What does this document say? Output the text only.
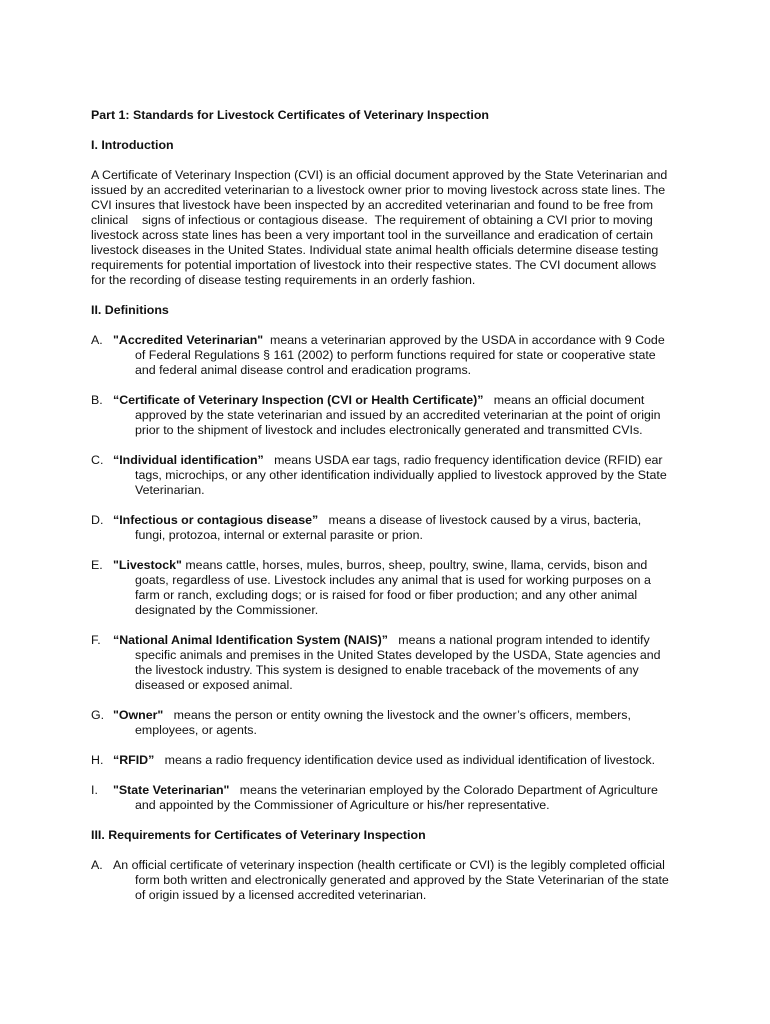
Part 1: Standards for Livestock Certificates of Veterinary Inspection
I. Introduction

A Certificate of Veterinary Inspection (CVI) is an official document approved by the State Veterinarian and
issued by an accredited veterinarian to a livestock owner prior to moving livestock across state lines. The
CVI insures that livestock have been inspected by an accredited veterinarian and found to be free from
clinical    signs of infectious or contagious disease.  The requirement of obtaining a CVI prior to moving
livestock across state lines has been a very important tool in the surveillance and eradication of certain
livestock diseases in the United States. Individual state animal health officials determine disease testing
requirements for potential importation of livestock into their respective states. The CVI document allows
for the recording of disease testing requirements in an orderly fashion.

II. Definitions
A. "Accredited Veterinarian"  means a veterinarian approved by the USDA in accordance with 9 Code
of Federal Regulations § 161 (2002) to perform functions required for state or cooperative state
and federal animal disease control and eradication programs.
B. “Certificate of Veterinary Inspection (CVI or Health Certificate)”   means an official document
approved by the state veterinarian and issued by an accredited veterinarian at the point of origin
prior to the shipment of livestock and includes electronically generated and transmitted CVIs.
C. “Individual identification”   means USDA ear tags, radio frequency identification device (RFID) ear
tags, microchips, or any other identification individually applied to livestock approved by the State
Veterinarian.
D. “Infectious or contagious disease”   means a disease of livestock caused by a virus, bacteria,
fungi, protozoa, internal or external parasite or prion.
E. "Livestock" means cattle, horses, mules, burros, sheep, poultry, swine, llama, cervids, bison and
goats, regardless of use. Livestock includes any animal that is used for working purposes on a
farm or ranch, excluding dogs; or is raised for food or fiber production; and any other animal
designated by the Commissioner.
F. “National Animal Identification System (NAIS)”   means a national program intended to identify
specific animals and premises in the United States developed by the USDA, State agencies and
the livestock industry. This system is designed to enable traceback of the movements of any
diseased or exposed animal.
G. "Owner"   means the person or entity owning the livestock and the owner’s officers, members,
employees, or agents.
H. “RFID”   means a radio frequency identification device used as individual identification of livestock.
I.	"State Veterinarian"   means the veterinarian employed by the Colorado Department of Agriculture
and appointed by the Commissioner of Agriculture or his/her representative.
III. Requirements for Certificates of Veterinary Inspection
A. An official certificate of veterinary inspection (health certificate or CVI) is the legibly completed official
form both written and electronically generated and approved by the State Veterinarian of the state
of origin issued by a licensed accredited veterinarian.
